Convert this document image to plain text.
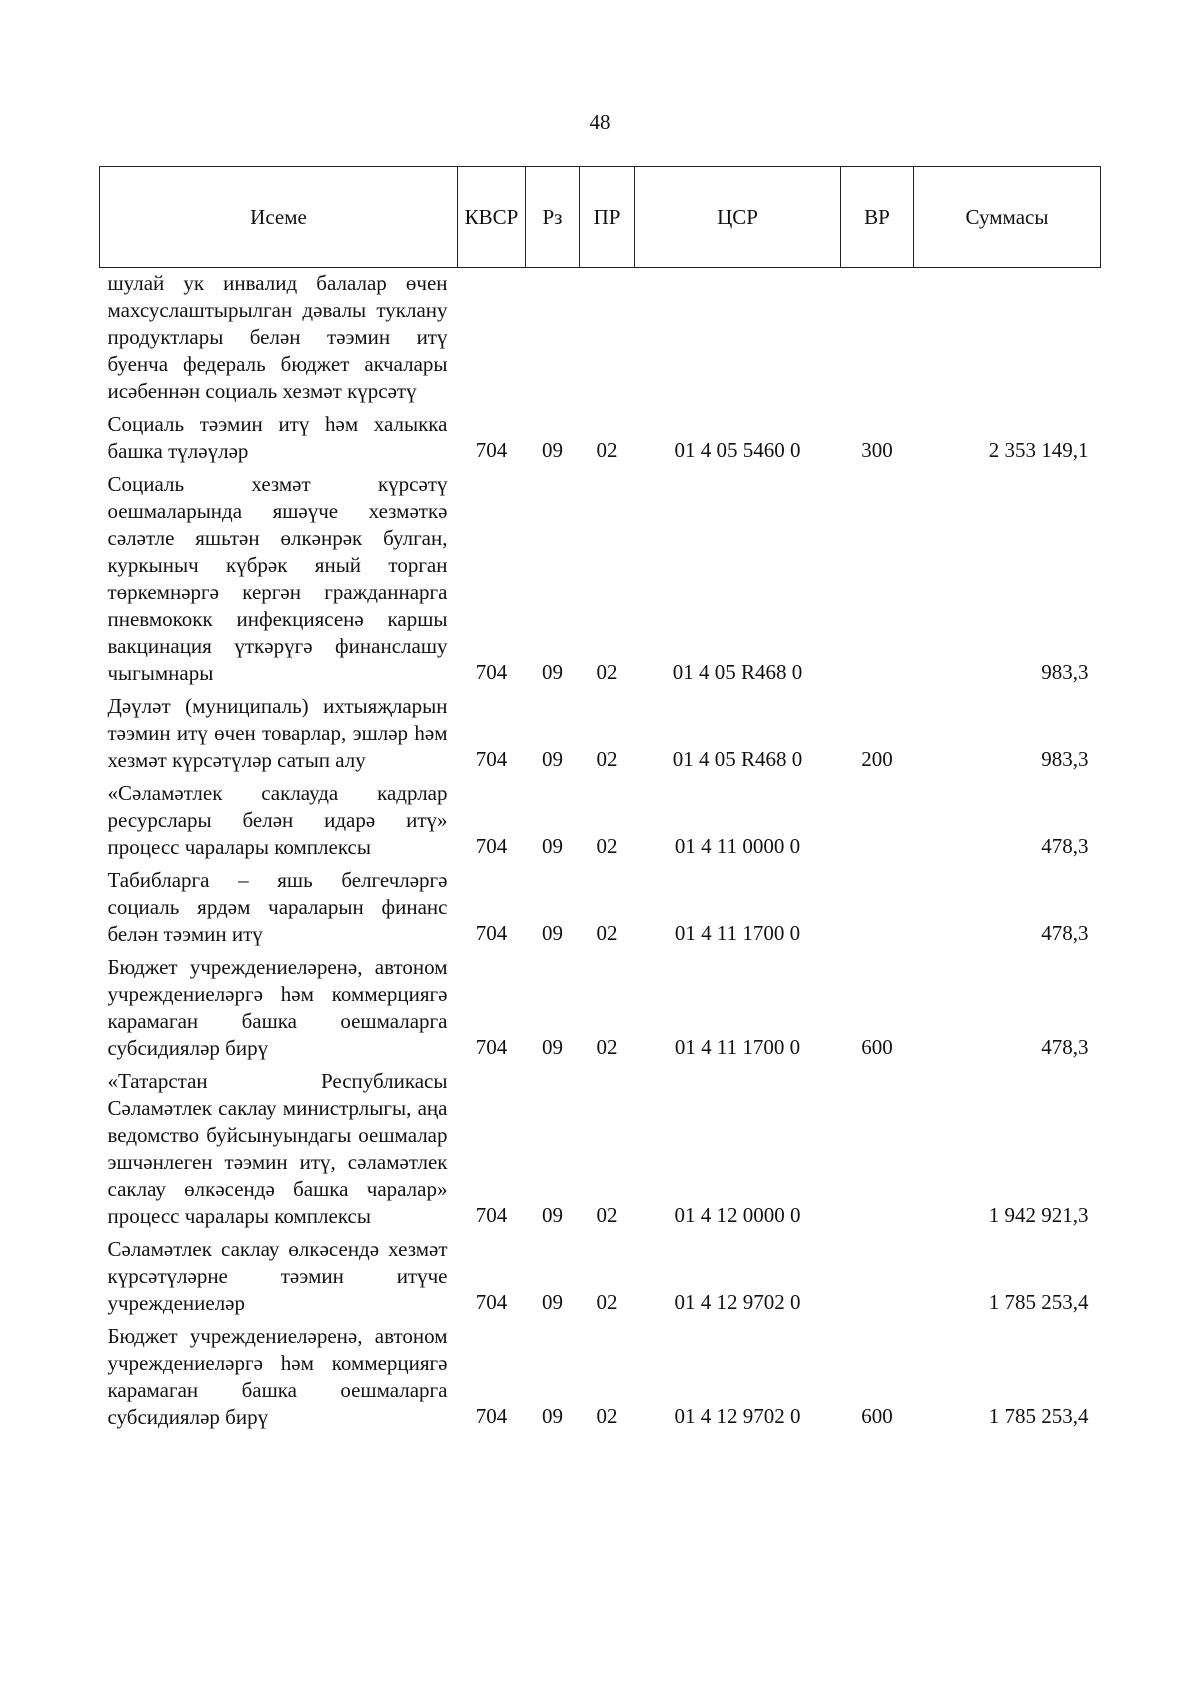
48
Исеме	КВСР	Рз	ПР	ЦСР	ВР	Суммасы
шулай ук инвалид балалар өчен махсуслаштырылган дәвалы туклану продуктлары белән тәэмин итү буенча федераль бюджет акчалары исәбеннән социаль хезмәт күрсәтү						
Социаль тәэмин итү һәм халыкка башка түләүләр	704	09	02	01 4 05 5460 0	300	2 353 149,1
Социаль хезмәт күрсәтү оешмаларында яшәүче хезмәткә сәләтле яшьтән өлкәнрәк булган, куркыныч күбрәк яный торган төркемнәргә кергән гражданнарга пневмококк инфекциясенә каршы вакцинация үткәрүгә финанслашу чыгымнары	704	09	02	01 4 05 R468 0		983,3
Дәүләт (муниципаль) ихтыяҗларын тәэмин итү өчен товарлар, эшләр һәм хезмәт күрсәтүләр сатып алу	704	09	02	01 4 05 R468 0	200	983,3
«Сәламәтлек саклауда кадрлар ресурслары белән идарә итү» процесс чаралары комплексы	704	09	02	01 4 11 0000 0		478,3
Табибларга – яшь белгечләргә социаль ярдәм чараларын финанс белән тәэмин итү	704	09	02	01 4 11 1700 0		478,3
Бюджет учреждениеләренә, автоном учреждениеләргә һәм коммерциягә карамаган башка оешмаларга субсидияләр бирү	704	09	02	01 4 11 1700 0	600	478,3
«Татарстан Республикасы Сәламәтлек саклау министрлыгы, аңа ведомство буйсынуындагы оешмалар эшчәнлеген тәэмин итү, сәламәтлек саклау өлкәсендә башка чаралар» процесс чаралары комплексы	704	09	02	01 4 12 0000 0		1 942 921,3
Сәламәтлек саклау өлкәсендә хезмәт күрсәтүләрне тәэмин итүче учреждениеләр	704	09	02	01 4 12 9702 0		1 785 253,4
Бюджет учреждениеләренә, автоном учреждениеләргә һәм коммерциягә карамаган башка оешмаларга субсидияләр бирү	704	09	02	01 4 12 9702 0	600	1 785 253,4
